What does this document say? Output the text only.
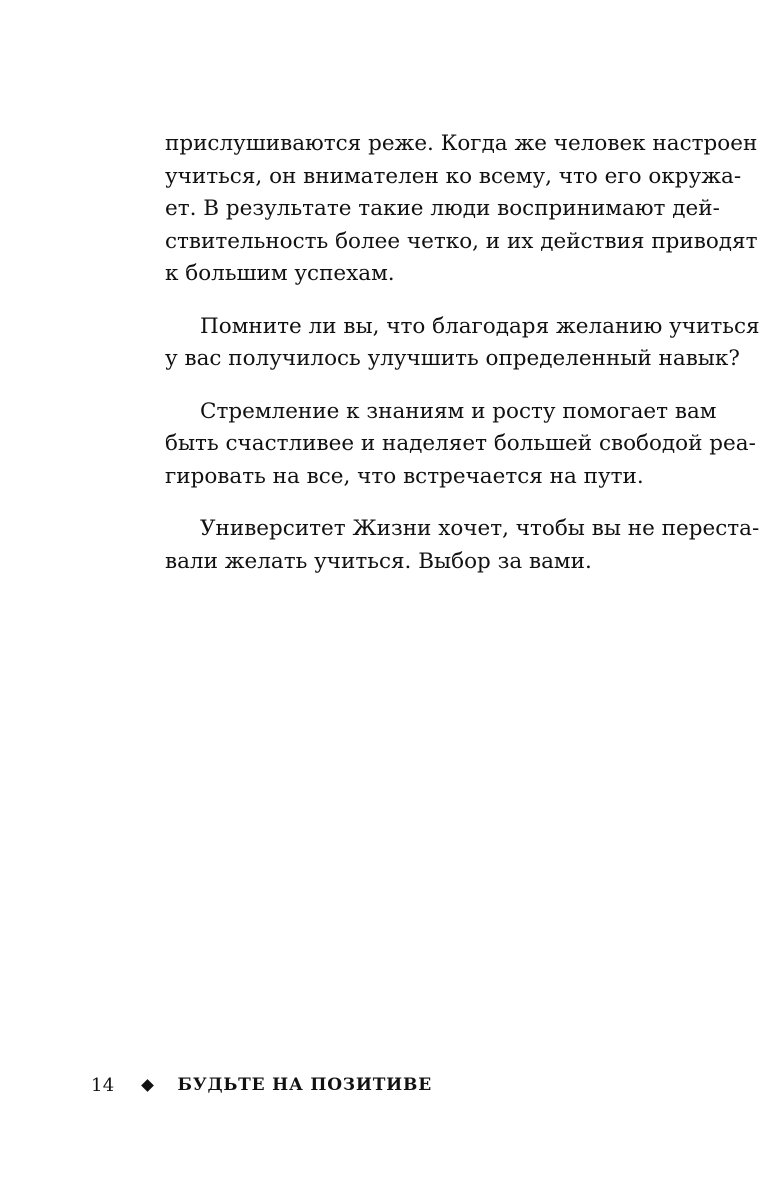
прислушиваются реже. Когда же человек настроен
учиться, он внимателен ко всему, что его окружа-
ет. В результате такие люди воспринимают дей-
ствительность более четко, и их действия приводят
к большим успехам.
Помните ли вы, что благодаря желанию учиться
у вас получилось улучшить определенный навык?
Стремление к знаниям и росту помогает вам
быть счастливее и наделяет большей свободой реа-
гировать на все, что встречается на пути.
Университет Жизни хочет, чтобы вы не переста-
вали желать учиться. Выбор за вами.
14	БУДЬТЕ НА ПОЗИТИВЕ
